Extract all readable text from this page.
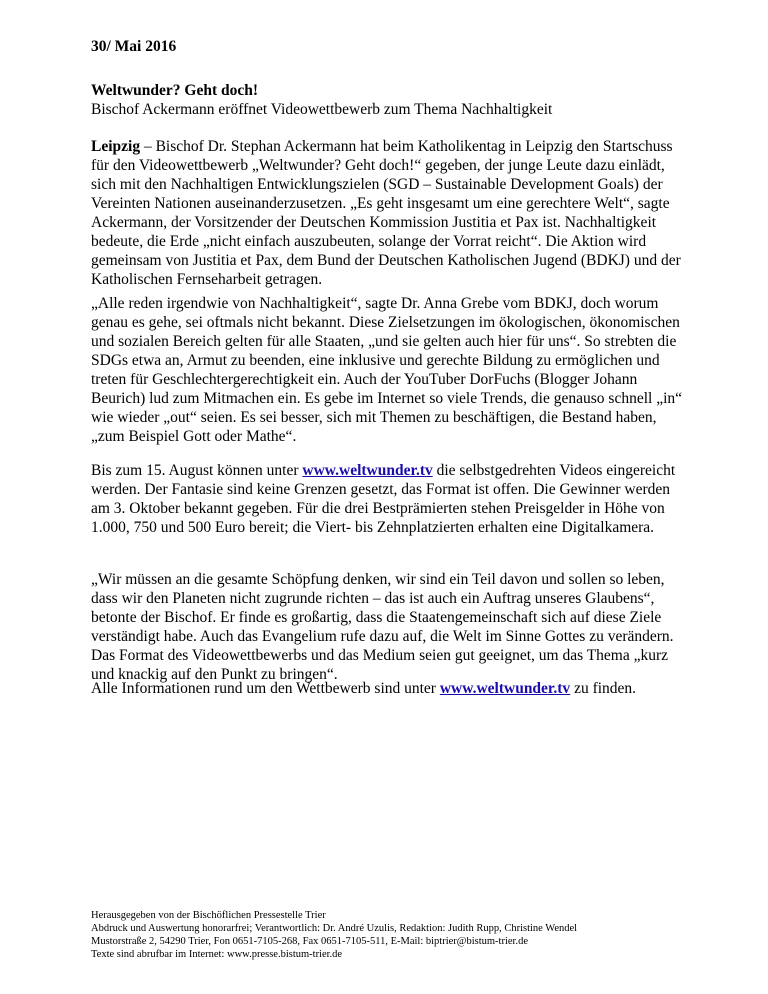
30/ Mai 2016

Weltwunder? Geht doch!

Bischof Ackermann eröffnet Videowettbewerb zum Thema Nachhaltigkeit

Leipzig – Bischof Dr. Stephan Ackermann hat beim Katholikentag in Leipzig den Startschuss für den Videowettbewerb „Weltwunder? Geht doch!“ gegeben, der junge Leute dazu einlädt, sich mit den Nachhaltigen Entwicklungszielen (SGD – Sustainable Development Goals) der Vereinten Nationen auseinanderzusetzen. „Es geht insgesamt um eine gerechtere Welt“, sagte Ackermann, der Vorsitzender der Deutschen Kommission Justitia et Pax ist. Nachhaltigkeit bedeute, die Erde „nicht einfach auszubeuten, solange der Vorrat reicht“. Die Aktion wird gemeinsam von Justitia et Pax, dem Bund der Deutschen Katholischen Jugend (BDKJ) und der Katholischen Fernseharbeit getragen.

„Alle reden irgendwie von Nachhaltigkeit“, sagte Dr. Anna Grebe vom BDKJ, doch worum genau es gehe, sei oftmals nicht bekannt. Diese Zielsetzungen im ökologischen, ökonomischen und sozialen Bereich gelten für alle Staaten, „und sie gelten auch hier für uns“. So strebten die SDGs etwa an, Armut zu beenden, eine inklusive und gerechte Bildung zu ermöglichen und treten für Geschlechtergerechtigkeit ein. Auch der YouTuber DorFuchs (Blogger Johann Beurich) lud zum Mitmachen ein. Es gebe im Internet so viele Trends, die genauso schnell „in“ wie wieder „out“ seien. Es sei besser, sich mit Themen zu beschäftigen, die Bestand haben, „zum Beispiel Gott oder Mathe“.

Bis zum 15. August können unter www.weltwunder.tv die selbstgedrehten Videos eingereicht werden. Der Fantasie sind keine Grenzen gesetzt, das Format ist offen. Die Gewinner werden am 3. Oktober bekannt gegeben. Für die drei Bestprämierten stehen Preisgelder in Höhe von 1.000, 750 und 500 Euro bereit; die Viert- bis Zehnplatzierten erhalten eine Digitalkamera.

„Wir müssen an die gesamte Schöpfung denken, wir sind ein Teil davon und sollen so leben, dass wir den Planeten nicht zugrunde richten – das ist auch ein Auftrag unseres Glaubens“, betonte der Bischof. Er finde es großartig, dass die Staatengemeinschaft sich auf diese Ziele verständigt habe. Auch das Evangelium rufe dazu auf, die Welt im Sinne Gottes zu verändern. Das Format des Videowettbewerbs und das Medium seien gut geeignet, um das Thema „kurz und knackig auf den Punkt zu bringen“.

Alle Informationen rund um den Wettbewerb sind unter www.weltwunder.tv zu finden.

Herausgegeben von der Bischöflichen Pressestelle Trier
Abdruck und Auswertung honorarfrei; Verantwortlich: Dr. André Uzulis, Redaktion: Judith Rupp, Christine Wendel
Mustorstraße 2, 54290 Trier, Fon 0651-7105-268, Fax 0651-7105-511, E-Mail: biptrier@bistum-trier.de
Texte sind abrufbar im Internet: www.presse.bistum-trier.de
